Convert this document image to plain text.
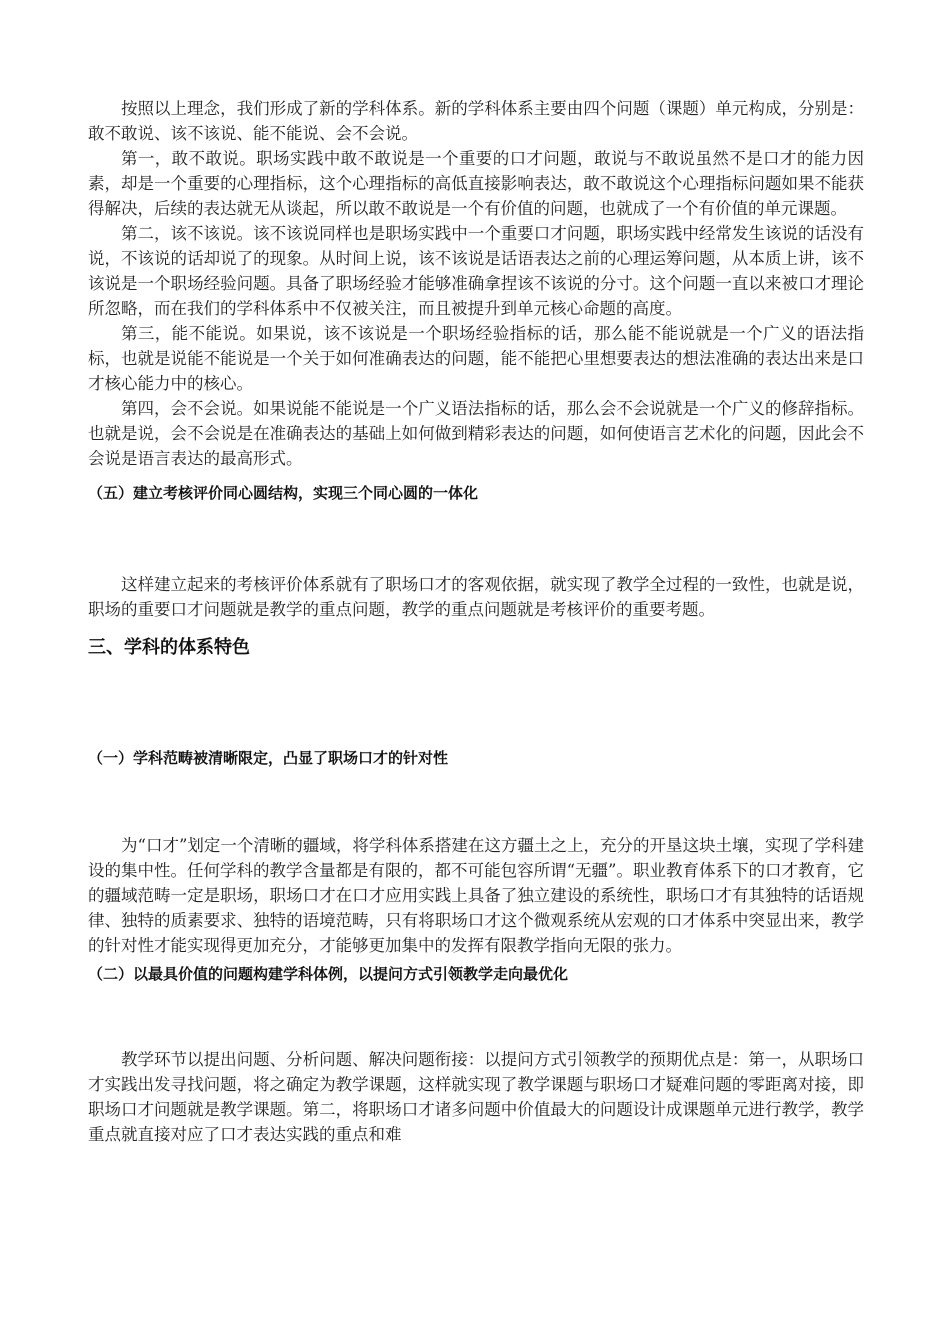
按照以上理念，我们形成了新的学科体系。新的学科体系主要由四个问题（课题）单元构成，分别是：敢不敢说、该不该说、能不能说、会不会说。

第一，敢不敢说。职场实践中敢不敢说是一个重要的口才问题，敢说与不敢说虽然不是口才的能力因素，却是一个重要的心理指标，这个心理指标的高低直接影响表达，敢不敢说这个心理指标问题如果不能获得解决，后续的表达就无从谈起，所以敢不敢说是一个有价值的问题，也就成了一个有价值的单元课题。

第二，该不该说。该不该说同样也是职场实践中一个重要口才问题，职场实践中经常发生该说的话没有说，不该说的话却说了的现象。从时间上说，该不该说是话语表达之前的心理运筹问题，从本质上讲，该不该说是一个职场经验问题。具备了职场经验才能够准确拿捏该不该说的分寸。这个问题一直以来被口才理论所忽略，而在我们的学科体系中不仅被关注，而且被提升到单元核心命题的高度。

第三，能不能说。如果说，该不该说是一个职场经验指标的话，那么能不能说就是一个广义的语法指标，也就是说能不能说是一个关于如何准确表达的问题，能不能把心里想要表达的想法准确的表达出来是口才核心能力中的核心。

第四，会不会说。如果说能不能说是一个广义语法指标的话，那么会不会说就是一个广义的修辞指标。也就是说，会不会说是在准确表达的基础上如何做到精彩表达的问题，如何使语言艺术化的问题，因此会不会说是语言表达的最高形式。

（五）建立考核评价同心圆结构，实现三个同心圆的一体化

这样建立起来的考核评价体系就有了职场口才的客观依据，就实现了教学全过程的一致性，也就是说，职场的重要口才问题就是教学的重点问题，教学的重点问题就是考核评价的重要考题。

三、学科的体系特色

（一）学科范畴被清晰限定，凸显了职场口才的针对性

为“口才”划定一个清晰的疆域，将学科体系搭建在这方疆土之上，充分的开垦这块土壤，实现了学科建设的集中性。任何学科的教学含量都是有限的，都不可能包容所谓“无疆”。职业教育体系下的口才教育，它的疆域范畴一定是职场，职场口才在口才应用实践上具备了独立建设的系统性，职场口才有其独特的话语规律、独特的质素要求、独特的语境范畴，只有将职场口才这个微观系统从宏观的口才体系中突显出来，教学的针对性才能实现得更加充分，才能够更加集中的发挥有限教学指向无限的张力。

（二）以最具价值的问题构建学科体例，以提问方式引领教学走向最优化

教学环节以提出问题、分析问题、解决问题衔接：以提问方式引领教学的预期优点是：第一，从职场口才实践出发寻找问题，将之确定为教学课题，这样就实现了教学课题与职场口才疑难问题的零距离对接，即职场口才问题就是教学课题。第二，将职场口才诸多问题中价值最大的问题设计成课题单元进行教学，教学重点就直接对应了口才表达实践的重点和难
